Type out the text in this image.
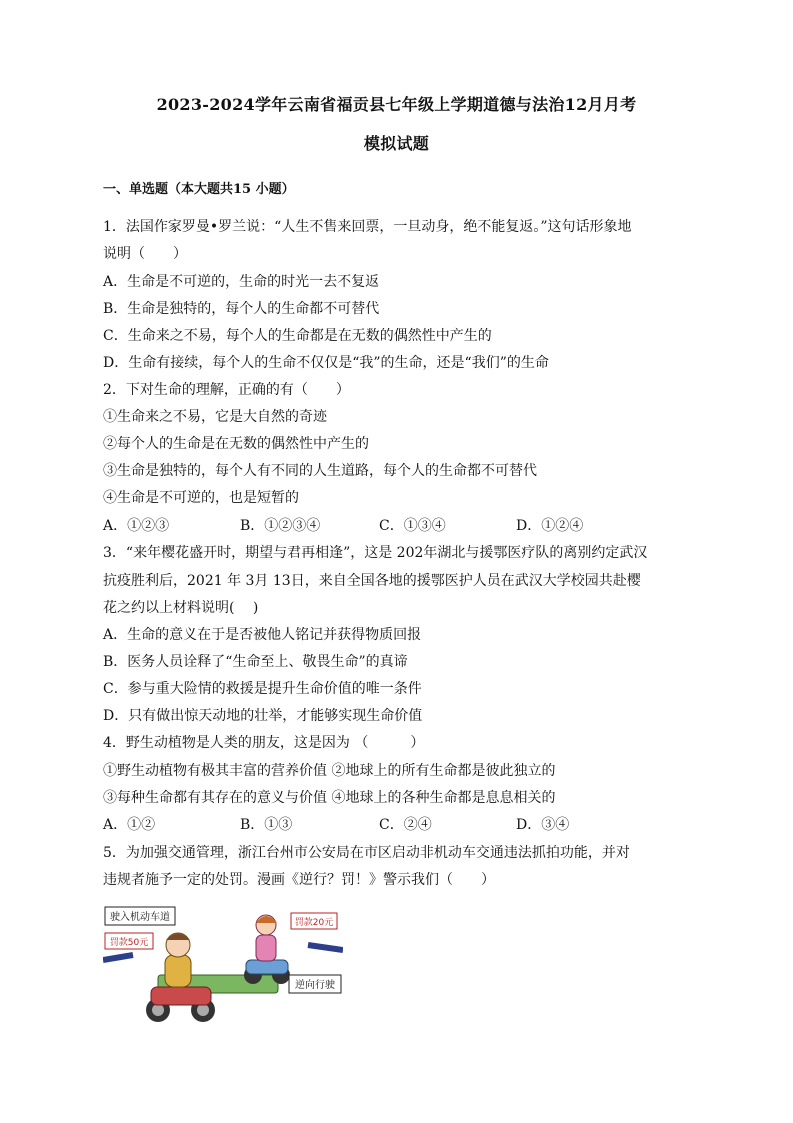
2023-2024学年云南省福贡县七年级上学期道德与法治12月月考
模拟试题
一、单选题（本大题共15 小题）
1．法国作家罗曼•罗兰说：“人生不售来回票，一旦动身，绝不能复返。”这句话形象地
说明（　　）
A．生命是不可逆的，生命的时光一去不复返
B．生命是独特的，每个人的生命都不可替代
C．生命来之不易，每个人的生命都是在无数的偶然性中产生的
D．生命有接续，每个人的生命不仅仅是“我”的生命，还是“我们”的生命
2．下对生命的理解，正确的有（　　）
①生命来之不易，它是大自然的奇迹
②每个人的生命是在无数的偶然性中产生的
③生命是独特的，每个人有不同的人生道路，每个人的生命都不可替代
④生命是不可逆的，也是短暂的
A．①②③	B．①②③④	C．①③④	D．①②④
3．“来年樱花盛开时，期望与君再相逢”，这是 202年湖北与援鄂医疗队的离别约定武汉
抗疫胜利后，2021 年 3月 13日，来自全国各地的援鄂医护人员在武汉大学校园共赴樱
花之约以上材料说明(　 )
A．生命的意义在于是否被他人铭记并获得物质回报
B．医务人员诠释了“生命至上、敬畏生命”的真谛
C．参与重大险情的救援是提升生命价值的唯一条件
D．只有做出惊天动地的壮举，才能够实现生命价值
4．野生动植物是人类的朋友，这是因为 （　　　）
①野生动植物有极其丰富的营养价值 ②地球上的所有生命都是彼此独立的
③每种生命都有其存在的意义与价值 ④地球上的各种生命都是息息相关的
A．①②	B．①③	C．②④	D．③④
5．为加强交通管理，浙江台州市公安局在市区启动非机动车交通违法抓拍功能，并对
违规者施予一定的处罚。漫画《逆行？罚！》警示我们（　　）
驶入机动车道
罚款50元
罚款20元
逆向行驶
